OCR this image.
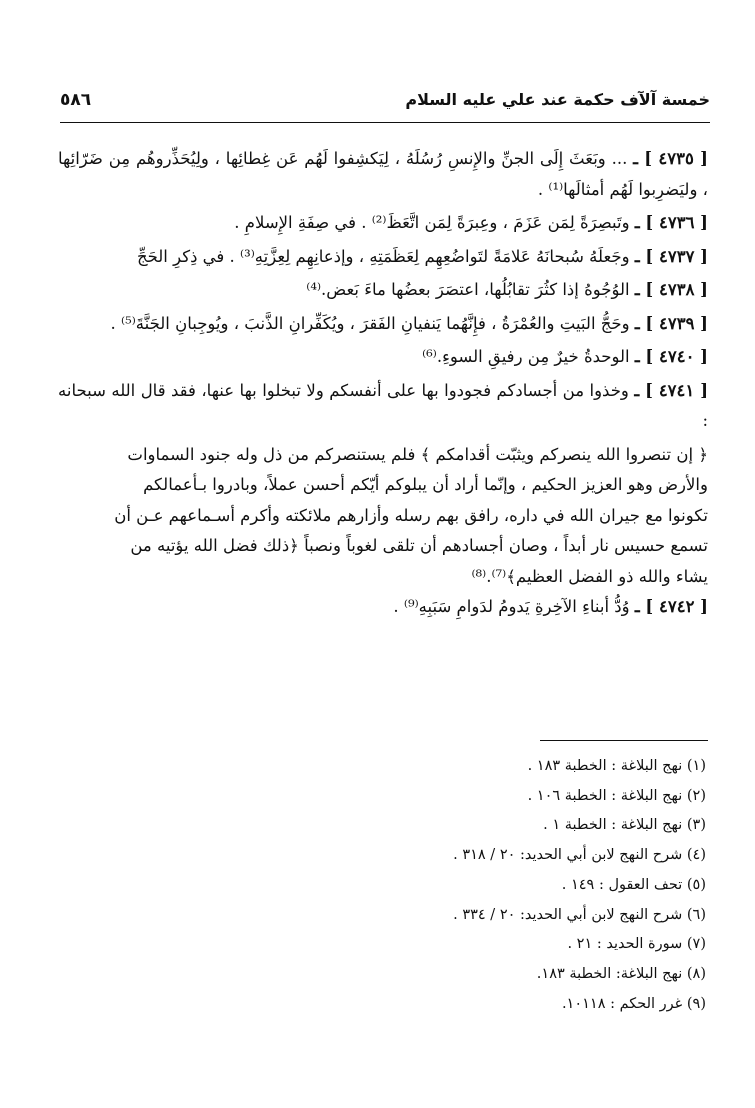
خمسة آلآف حكمة عند علي عليه السلام
٥٨٦

[ ٤٧٣٥ ] ـ ... وبَعَثَ إِلَى الجنِّ والإِنسِ رُسُلَهُ ، لِيَكشِفوا لَهُم عَن غِطائِها ، ولِيُحَذِّروهُم مِن ضَرّائِها ، وليَضرِبوا لَهُم أمثالَها⁽¹⁾ .

[ ٤٧٣٦ ] ـ وتَبصِرَةً لِمَن عَزَمَ ، وعِبرَةً لِمَن اتَّعَظَ⁽²⁾ . في صِفَةِ الإِسلامِ .

[ ٤٧٣٧ ] ـ وجَعلَهُ سُبحانَهُ عَلامَةً لتَواضُعِهِم لِعَظَمَتِهِ ، وإذعانِهِم لِعِزَّتِهِ⁽³⁾ . في ذِكرِ الحَجِّ

[ ٤٧٣٨ ] ـ الوُجُوهُ إذا كثُرَ تقابُلُها، اعتصَرَ بعضُها ماءَ بَعض.⁽⁴⁾

[ ٤٧٣٩ ] ـ وحَجُّ البَيتِ والعُمْرَةُ ، فإِنَّهُما يَنفيانِ الفَقرَ ، ويُكَفِّرانِ الذَّنبَ ، ويُوجِبانِ الجَنَّةَ⁽⁵⁾ .

[ ٤٧٤٠ ] ـ الوحدةُ خيرٌ مِن رفيقِ السوءِ.⁽⁶⁾

[ ٤٧٤١ ] ـ وخذوا من أجسادكم فجودوا بها على أنفسكم ولا تبخلوا بها عنها، فقد قال الله سبحانه :

﴿ إن تنصروا الله ينصركم ويثبّت أقدامكم ﴾ فلم يستنصركم من ذل وله جنود السماوات

والأرض وهو العزيز الحكيم ، وإنّما أراد أن يبلوكم أيّكم أحسن عملاً، وبادروا بـأعمالكم

تكونوا مع جيران الله في داره، رافق بهم رسله وأزارهم ملائكته وأكرم أسـماعهم عـن أن

تسمع حسيس نار أبداً ، وصان أجسادهم أن تلقى لغوباً ونصباً ﴿ذلك فضل الله يؤتيه من

يشاء والله ذو الفضل العظيم﴾⁽⁷⁾.⁽⁸⁾

[ ٤٧٤٢ ] ـ وُدُّ أبناءِ الآخِرةِ يَدومُ لدَوامِ سَبَبِهِ⁽⁹⁾ .

(١) نهج البلاغة : الخطبة ١٨٣ .
(٢) نهج البلاغة : الخطبة ١٠٦ .
(٣) نهج البلاغة : الخطبة ١ .
(٤) شرح النهج لابن أبي الحديد: ٢٠ / ٣١٨ .
(٥) تحف العقول : ١٤٩ .
(٦) شرح النهج لابن أبي الحديد: ٢٠ / ٣٣٤ .
(٧) سورة الحديد : ٢١ .
(٨) نهج البلاغة: الخطبة ١٨٣.
(٩) غرر الحكم : ١٠١١٨.
